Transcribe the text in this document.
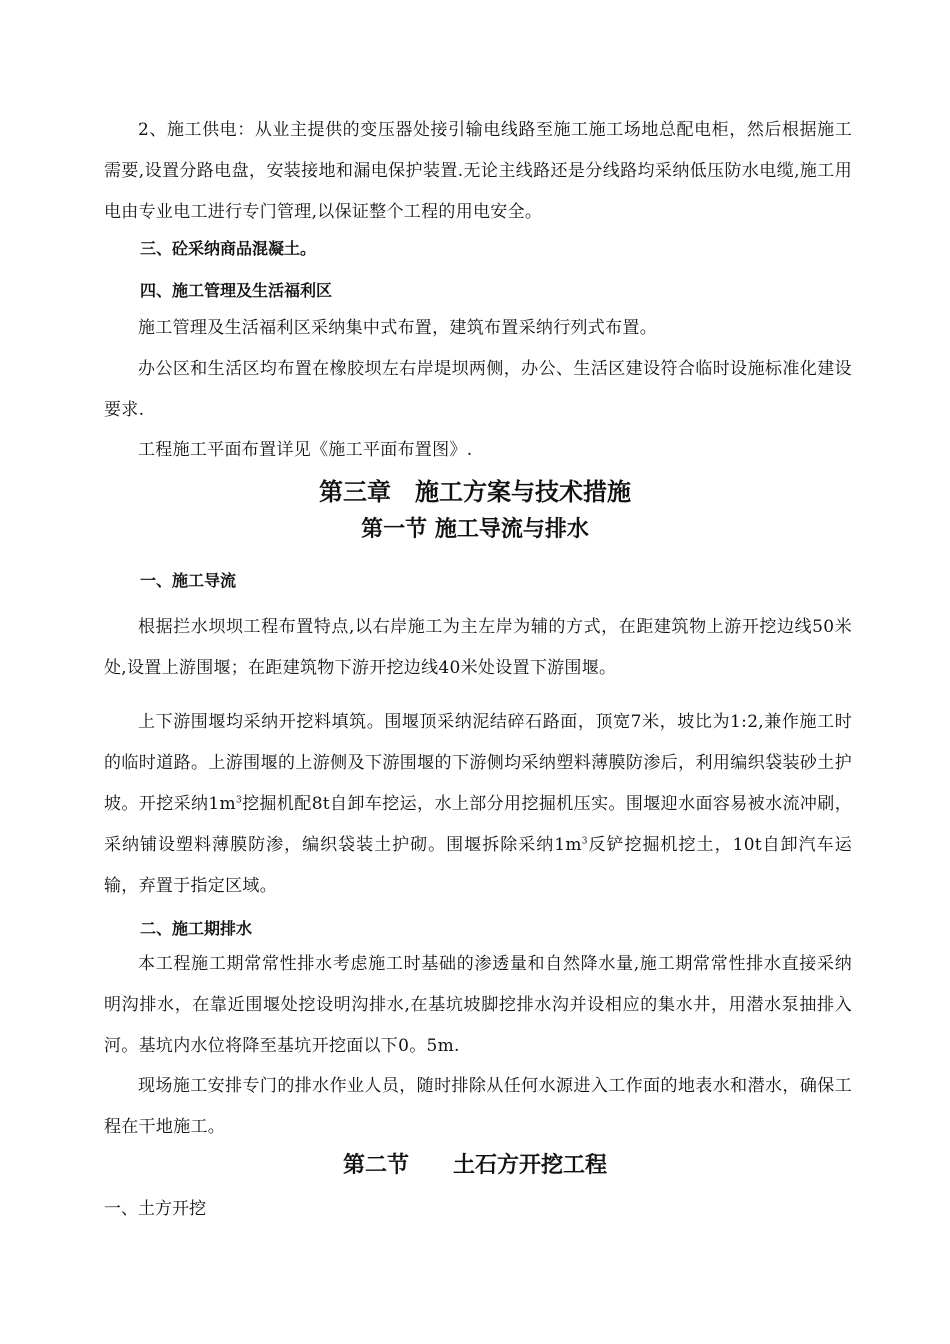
2、施工供电：从业主提供的变压器处接引输电线路至施工施工场地总配电柜，然后根据施工需要,设置分路电盘，安装接地和漏电保护装置.无论主线路还是分线路均采纳低压防水电缆,施工用电由专业电工进行专门管理,以保证整个工程的用电安全。

三、砼采纳商品混凝土。

四、施工管理及生活福利区

施工管理及生活福利区采纳集中式布置，建筑布置采纳行列式布置。

办公区和生活区均布置在橡胶坝左右岸堤坝两侧，办公、生活区建设符合临时设施标准化建设要求.

工程施工平面布置详见《施工平面布置图》.

第三章　施工方案与技术措施

第一节 施工导流与排水

一、施工导流

根据拦水坝坝工程布置特点,以右岸施工为主左岸为辅的方式，在距建筑物上游开挖边线50米处,设置上游围堰；在距建筑物下游开挖边线40米处设置下游围堰。

上下游围堰均采纳开挖料填筑。围堰顶采纳泥结碎石路面，顶宽7米，坡比为1:2,兼作施工时的临时道路。上游围堰的上游侧及下游围堰的下游侧均采纳塑料薄膜防渗后，利用编织袋装砂土护坡。开挖采纳$1m^3$挖掘机配8t自卸车挖运，水上部分用挖掘机压实。围堰迎水面容易被水流冲刷，采纳铺设塑料薄膜防渗，编织袋装土护砌。围堰拆除采纳$1m^3$反铲挖掘机挖土，10t自卸汽车运输，弃置于指定区域。

二、施工期排水

本工程施工期常常性排水考虑施工时基础的渗透量和自然降水量,施工期常常性排水直接采纳明沟排水，在靠近围堰处挖设明沟排水,在基坑坡脚挖排水沟并设相应的集水井，用潜水泵抽排入河。基坑内水位将降至基坑开挖面以下0。5m.

现场施工安排专门的排水作业人员，随时排除从任何水源进入工作面的地表水和潜水，确保工程在干地施工。

第二节　　土石方开挖工程

一、土方开挖
